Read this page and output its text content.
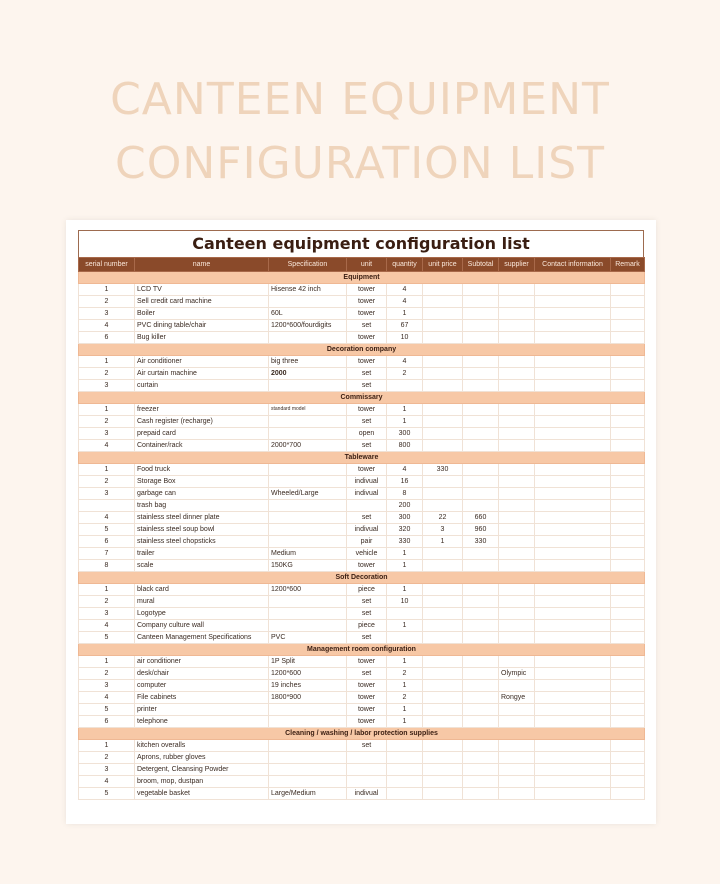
CANTEEN EQUIPMENT
CONFIGURATION LIST
Canteen equipment configuration list
serial number	name	Specification	unit	quantity	unit price	Subtotal	supplier	Contact information	Remark
Equipment									
1	LCD TV	Hisense 42 inch	tower	4					
2	Sell credit card machine		tower	4					
3	Boiler	60L	tower	1					
4	PVC dining table/chair	1200*600/fourdigits	set	67					
6	Bug killer		tower	10					
Decoration company									
1	Air conditioner	big three	tower	4					
2	Air curtain machine	2000	set	2					
3	curtain		set						
Commissary									
1	freezer	standard model	tower	1					
2	Cash register (recharge)		set	1					
3	prepaid card		open	300					
4	Container/rack	2000*700	set	800					
Tableware									
1	Food truck		tower	4	330				
2	Storage Box		indivual	16					
3	garbage can	Wheeled/Large	indivual	8					
	trash bag			200					
4	stainless steel dinner plate		set	300	22	660			
5	stainless steel soup bowl		indivual	320	3	960			
6	stainless steel chopsticks		pair	330	1	330			
7	trailer	Medium	vehicle	1					
8	scale	150KG	tower	1					
Soft Decoration									
1	black card	1200*600	piece	1					
2	mural		set	10					
3	Logotype		set						
4	Company culture wall		piece	1					
5	Canteen Management Specifications	PVC	set						
Management room configuration									
1	air conditioner	1P Split	tower	1					
2	desk/chair	1200*600	set	2			Olympic		
3	computer	19 inches	tower	1					
4	File cabinets	1800*900	tower	2			Rongye		
5	printer		tower	1					
6	telephone		tower	1					
Cleaning / washing / labor protection supplies									
1	kitchen overalls		set						
2	Aprons, rubber gloves								
3	Detergent, Cleansing Powder								
4	broom, mop, dustpan								
5	vegetable basket	Large/Medium	indivual						
